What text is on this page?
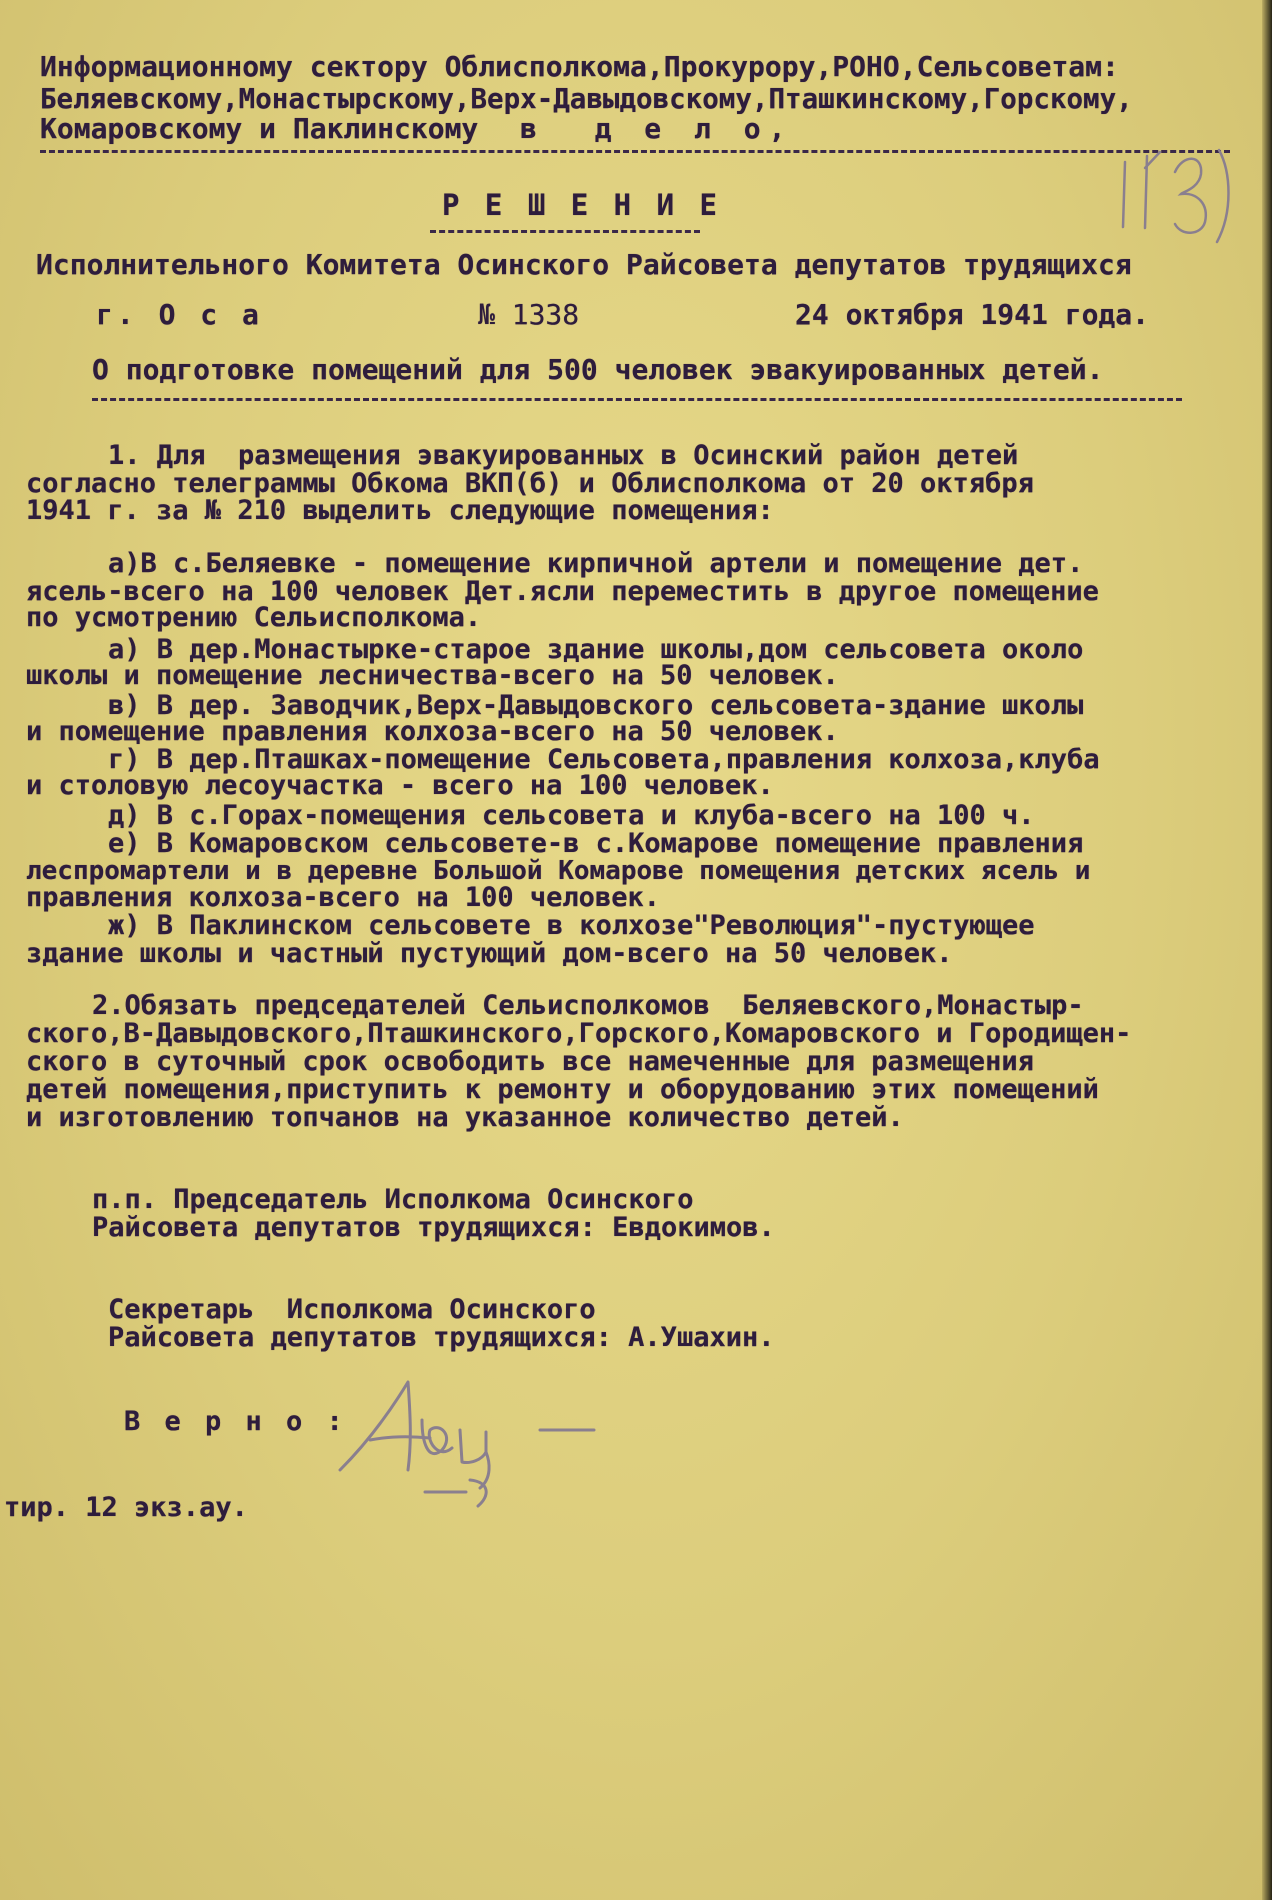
Информационному сектору Облисполкома,Прокурору,РОНО,Сельсоветам:
Беляевскому,Монастырскому,Верх-Давыдовскому,Пташкинскому,Горскому,
Комаровскому и Паклинскому в  д е л о,
Р Е Ш Е Н И Е
Исполнительного Комитета Осинского Райсовета депутатов трудящихся
г. О с а	№ 1338	24 октября 1941 года.
О подготовке помещений для 500 человек эвакуированных детей.
1. Для  размещения эвакуированных в Осинский район детей
согласно телеграммы Обкома ВКП(б) и Облисполкома от 20 октября
1941 г. за № 210 выделить следующие помещения:
а)В с.Беляевке - помещение кирпичной артели и помещение дет.
ясель-всего на 100 человек Дет.ясли переместить в другое помещение
по усмотрению Сельисполкома.
а) В дер.Монастырке-старое здание школы,дом сельсовета около
школы и помещение лесничества-всего на 50 человек.
в) В дер. Заводчик,Верх-Давыдовского сельсовета-здание школы
и помещение правления колхоза-всего на 50 человек.
г) В дер.Пташках-помещение Сельсовета,правления колхоза,клуба
и столовую лесоучастка - всего на 100 человек.
д) В с.Горах-помещения сельсовета и клуба-всего на 100 ч.
е) В Комаровском сельсовете-в с.Комарове помещение правления
леспромартели и в деревне Большой Комарове помещения детских ясель и
правления колхоза-всего на 100 человек.
ж) В Паклинском сельсовете в колхозе"Революция"-пустующее
здание школы и частный пустующий дом-всего на 50 человек.
2.Обязать председателей Сельисполкомов  Беляевского,Монастыр-
ского,В-Давыдовского,Пташкинского,Горского,Комаровского и Городищен-
ского в суточный срок освободить все намеченные для размещения
детей помещения,приступить к ремонту и оборудованию этих помещений
и изготовлению топчанов на указанное количество детей.
п.п. Председатель Исполкома Осинского
Райсовета депутатов трудящихся: Евдокимов.
Секретарь  Исполкома Осинского
Райсовета депутатов трудящихся: А.Ушахин.
В е р н о :
тир. 12 экз.ау.
